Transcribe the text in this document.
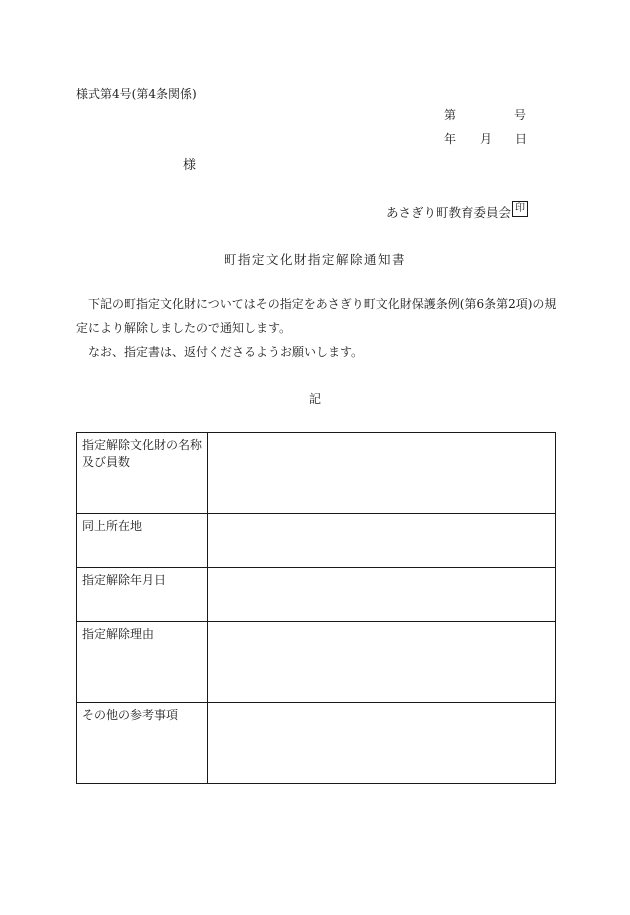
様式第4号(第4条関係)
第	号
年 月 日
様
あさぎり町教育委員会 印
町指定文化財指定解除通知書

下記の町指定文化財についてはその指定をあさぎり町文化財保護条例(第6条第2項)の規定により解除しましたので通知します。

なお、指定書は、返付くださるようお願いします。

記
指定解除文化財の名称及び員数	
同上所在地	
指定解除年月日	
指定解除理由	
その他の参考事項	
